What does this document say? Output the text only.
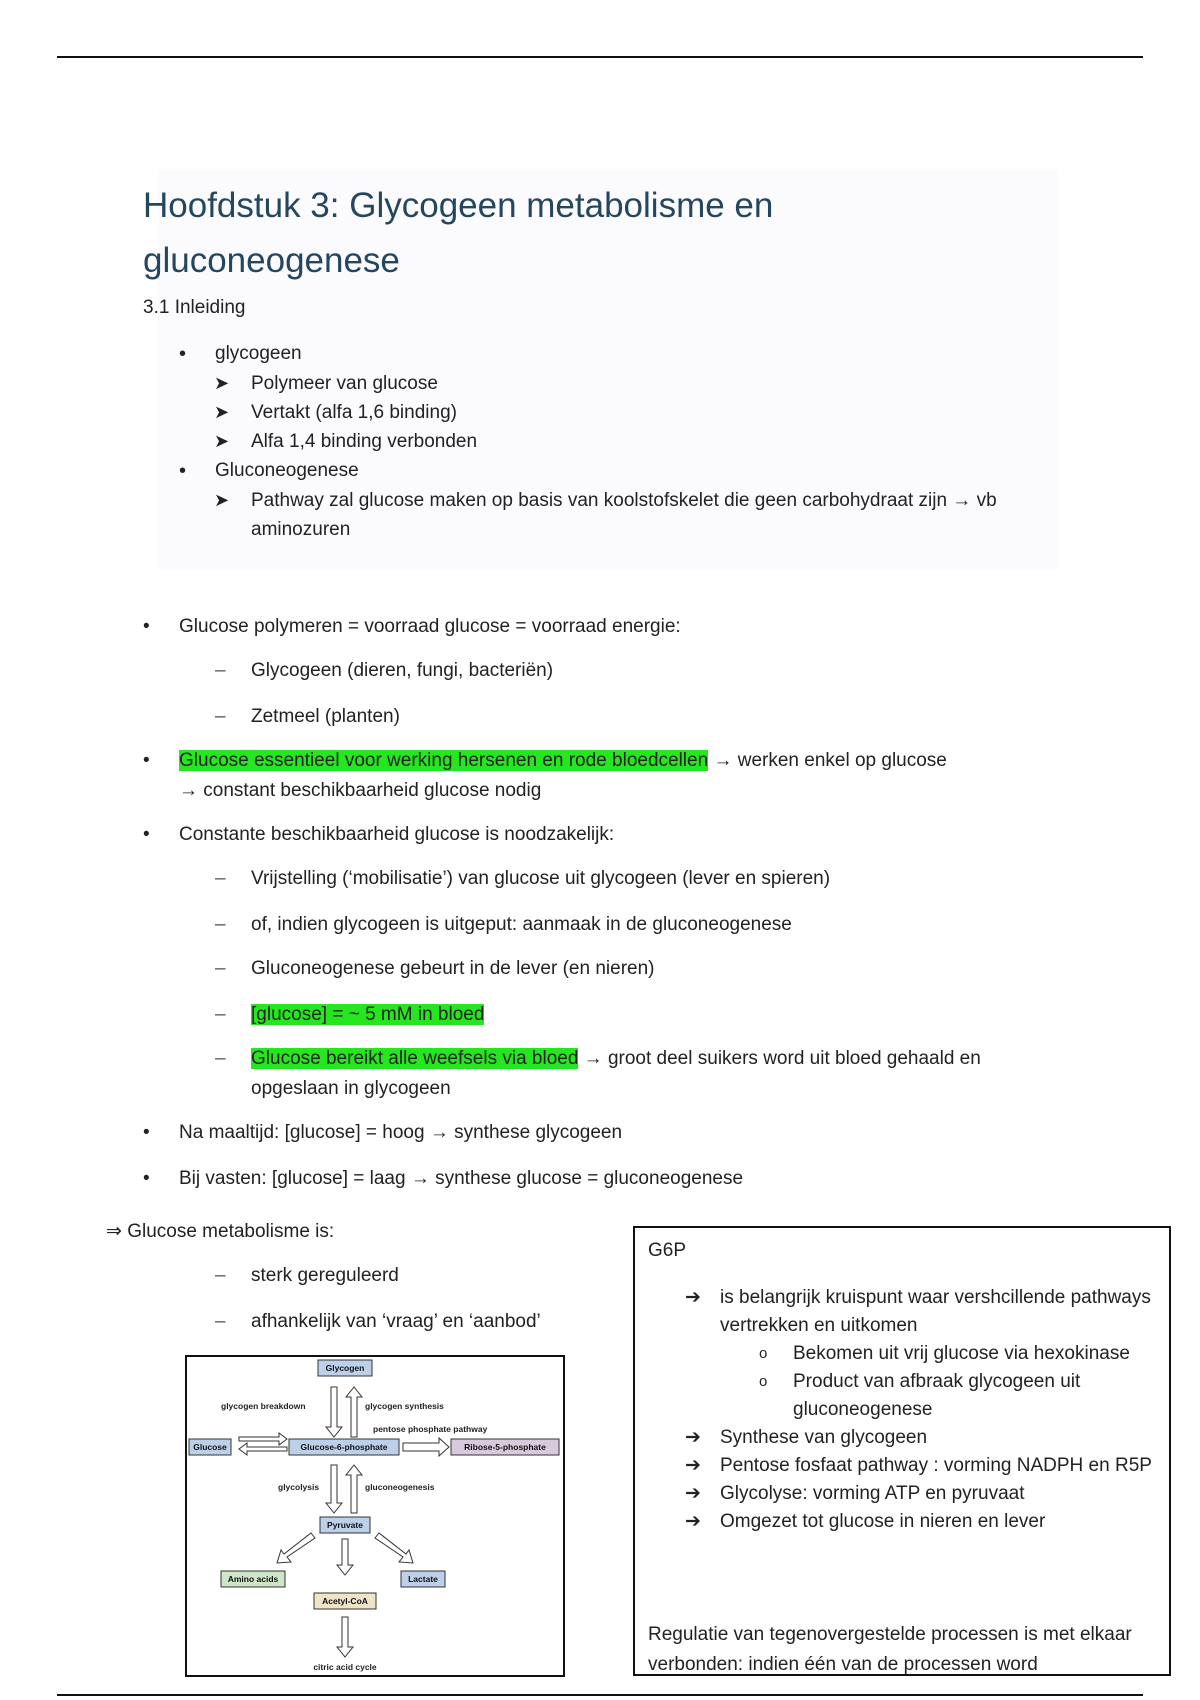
Hoofdstuk 3: Glycogeen metabolisme en gluconeogenese
3.1 Inleiding
• glycogeen
➤ Polymeer van glucose
➤ Vertakt (alfa 1,6 binding)
➤ Alfa 1,4 binding verbonden
• Gluconeogenese
➤ Pathway zal glucose maken op basis van koolstofskelet die geen carbohydraat zijn → vb aminozuren
• Glucose polymeren = voorraad glucose = voorraad energie:
– Glycogeen (dieren, fungi, bacteriën)
– Zetmeel (planten)
• Glucose essentieel voor werking hersenen en rode bloedcellen → werken enkel op glucose
→ constant beschikbaarheid glucose nodig
• Constante beschikbaarheid glucose is noodzakelijk:
– Vrijstelling (‘mobilisatie’) van glucose uit glycogeen (lever en spieren)
– of, indien glycogeen is uitgeput: aanmaak in de gluconeogenese
– Gluconeogenese gebeurt in de lever (en nieren)
– [glucose] = ~ 5 mM in bloed
– Glucose bereikt alle weefsels via bloed → groot deel suikers word uit bloed gehaald en opgeslaan in glycogeen
• Na maaltijd: [glucose] = hoog → synthese glycogeen
• Bij vasten: [glucose] = laag → synthese glucose = gluconeogenese
⇒ Glucose metabolisme is:
– sterk gereguleerd
– afhankelijk van ‘vraag’ en ‘aanbod’
Glycogen
glycogen breakdown	glycogen synthesis
pentose phosphate pathway
Glucose	Glucose-6-phosphate	Ribose-5-phosphate
glycolysis	gluconeogenesis
Pyruvate
Amino acids	Lactate
Acetyl-CoA
citric acid cycle
G6P
➔ is belangrijk kruispunt waar vershcillende pathways vertrekken en uitkomen
o Bekomen uit vrij glucose via hexokinase
o Product van afbraak glycogeen uit gluconeogenese
➔ Synthese van glycogeen
➔ Pentose fosfaat pathway : vorming NADPH en R5P
➔ Glycolyse: vorming ATP en pyruvaat
➔ Omgezet tot glucose in nieren en lever
Regulatie van tegenovergestelde processen is met elkaar verbonden: indien één van de processen word
